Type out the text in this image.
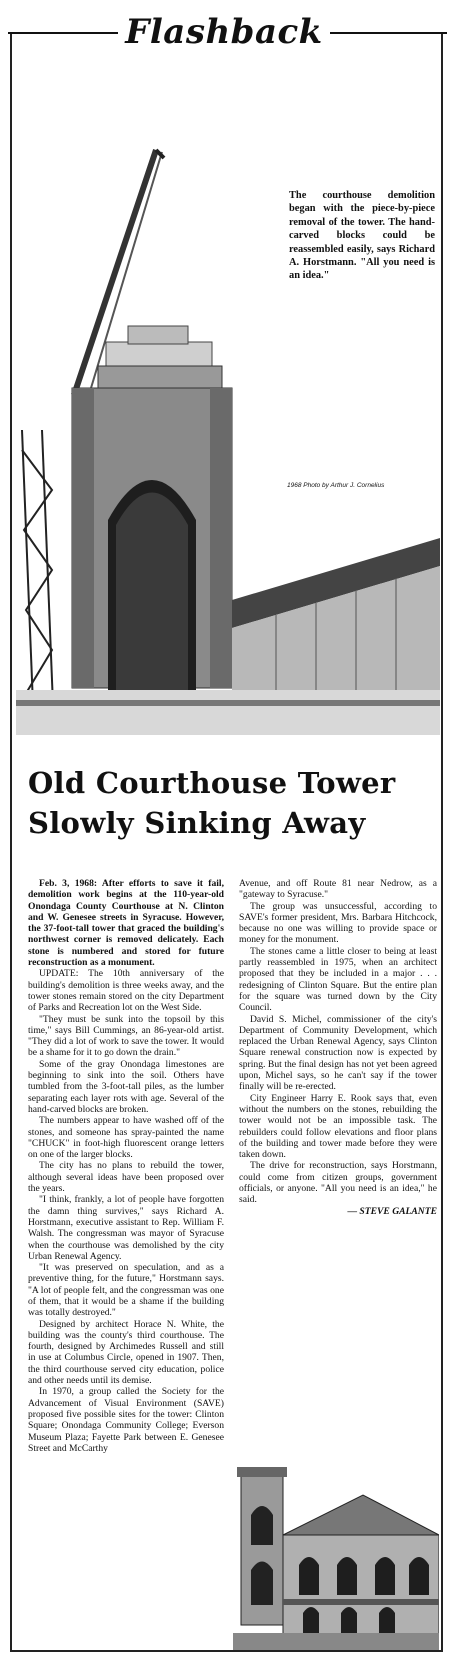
Flashback
The courthouse demolition began with the piece-by-piece removal of the tower. The hand-carved blocks could be reassembled easily, says Richard A. Horstmann. "All you need is an idea."
1968 Photo by Arthur J. Cornelius
Old Courthouse Tower Slowly Sinking Away

Feb. 3, 1968: After efforts to save it fail, demolition work begins at the 110-year-old Onondaga County Courthouse at N. Clinton and W. Genesee streets in Syracuse. However, the 37-foot-tall tower that graced the building's northwest corner is removed delicately. Each stone is numbered and stored for future reconstruction as a monument.

UPDATE: The 10th anniversary of the building's demolition is three weeks away, and the tower stones remain stored on the city Department of Parks and Recreation lot on the West Side.

"They must be sunk into the topsoil by this time," says Bill Cummings, an 86-year-old artist. "They did a lot of work to save the tower. It would be a shame for it to go down the drain."

Some of the gray Onondaga limestones are beginning to sink into the soil. Others have tumbled from the 3-foot-tall piles, as the lumber separating each layer rots with age. Several of the hand-carved blocks are broken.

The numbers appear to have washed off of the stones, and someone has spray-painted the name "CHUCK" in foot-high fluorescent orange letters on one of the larger blocks.

The city has no plans to rebuild the tower, although several ideas have been proposed over the years.

"I think, frankly, a lot of people have forgotten the damn thing survives," says Richard A. Horstmann, executive assistant to Rep. William F. Walsh. The congressman was mayor of Syracuse when the courthouse was demolished by the city Urban Renewal Agency.

"It was preserved on speculation, and as a preventive thing, for the future," Horstmann says. "A lot of people felt, and the congressman was one of them, that it would be a shame if the building was totally destroyed."

Designed by architect Horace N. White, the building was the county's third courthouse. The fourth, designed by Archimedes Russell and still in use at Columbus Circle, opened in 1907. Then, the third courthouse served city education, police and other needs until its demise.

In 1970, a group called the Society for the Advancement of Visual Environment (SAVE) proposed five possible sites for the tower: Clinton Square; Onondaga Community College; Everson Museum Plaza; Fayette Park between E. Genesee Street and McCarthy

Avenue, and off Route 81 near Nedrow, as a "gateway to Syracuse."

The group was unsuccessful, according to SAVE's former president, Mrs. Barbara Hitchcock, because no one was willing to provide space or money for the monument.

The stones came a little closer to being at least partly reassembled in 1975, when an architect proposed that they be included in a major . . . redesigning of Clinton Square. But the entire plan for the square was turned down by the City Council.

David S. Michel, commissioner of the city's Department of Community Development, which replaced the Urban Renewal Agency, says Clinton Square renewal construction now is expected by spring. But the final design has not yet been agreed upon, Michel says, so he can't say if the tower finally will be re-erected.

City Engineer Harry E. Rook says that, even without the numbers on the stones, rebuilding the tower would not be an impossible task. The rebuilders could follow elevations and floor plans of the building and tower made before they were taken down.

The drive for reconstruction, says Horstmann, could come from citizen groups, government officials, or anyone. "All you need is an idea," he said.

— STEVE GALANTE
